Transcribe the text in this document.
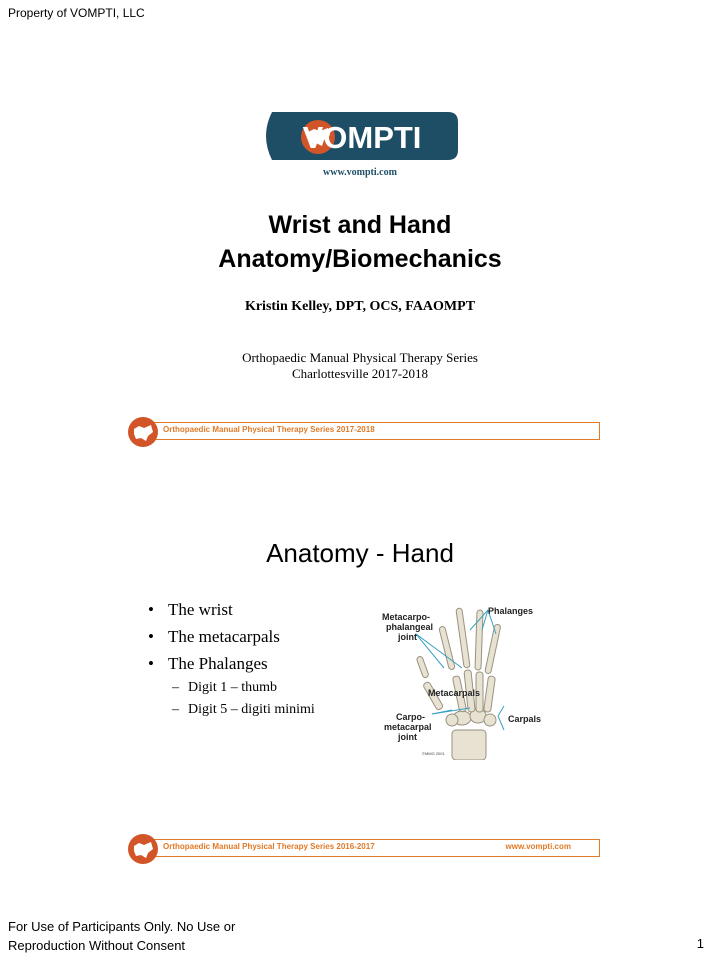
Property of VOMPTI, LLC
VOMPTI
www.vompti.com
Wrist and Hand
Anatomy/Biomechanics
Kristin Kelley, DPT, OCS, FAAOMPT
Orthopaedic Manual Physical Therapy Series
Charlottesville 2017-2018
Orthopaedic Manual Physical Therapy Series 2017-2018
Anatomy - Hand
• The wrist
• The metacarpals
• The Phalanges
– Digit 1 – thumb
– Digit 5 – digiti minimi
Phalanges
Metacarpo-
phalangeal
joint
Metacarpals
Carpo-
metacarpal
joint
Carpals
©MMG 2001
Orthopaedic Manual Physical Therapy Series 2016-2017	www.vompti.com
For Use of Participants Only. No Use or
Reproduction Without Consent	1
